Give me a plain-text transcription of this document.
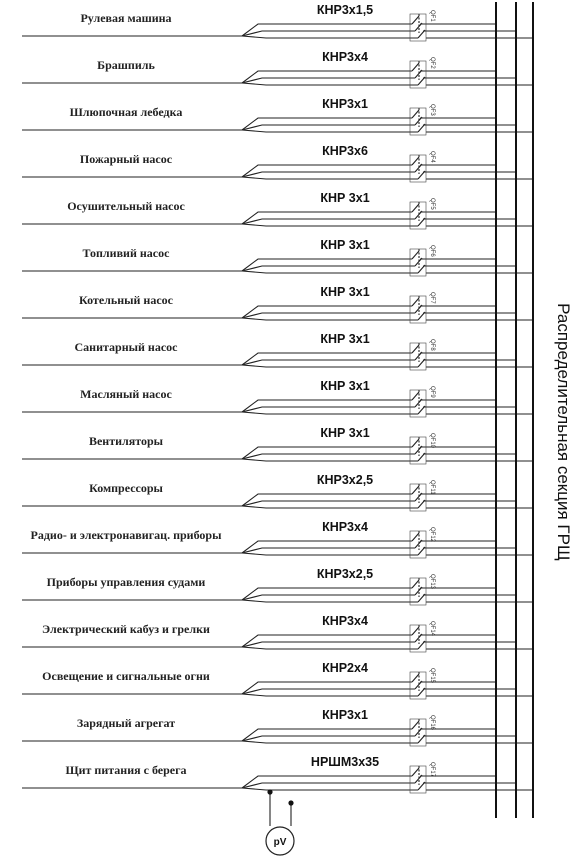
Рулевая машина
КНР3х1,5	QF1
Брашпиль
КНР3х4	QF2
Шлюпочная лебедка
КНР3х1	QF3
Пожарный насос
КНР3х6	QF4
Осушительный насос
КНР 3х1	QF5
Топливий насос
КНР 3х1	QF6
Котельный насос
КНР 3х1	QF7
Санитарный насос
КНР 3х1	QF8
Масляный насос
КНР 3х1	QF9
Вентиляторы
КНР 3х1	QF10
Компрессоры
КНР3х2,5	QF11
Радио- и электронавигац. приборы
КНР3х4	QF12
Приборы управления судами
КНР3х2,5	QF13
Электрический кабуз и грелки
КНР3х4	QF14
Освещение и сигнальные огни
КНР2х4	QF15
Зарядный агрегат
КНР3х1	QF16
Щит питания с берега
НРШМ3х35	QF17
pV
Распределительная секция ГРЩ
